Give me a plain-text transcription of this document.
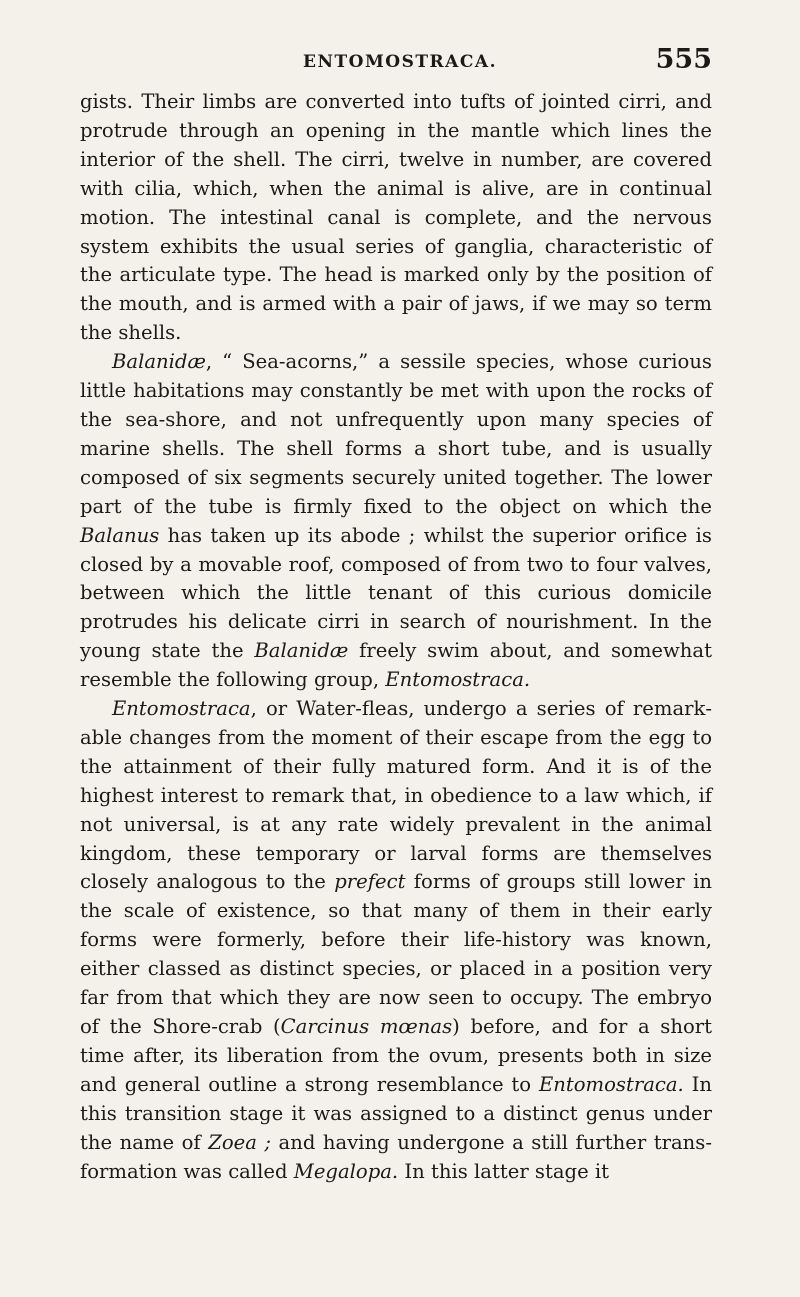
ENTOMOSTRACA.	555

gists. Their limbs are converted into tufts of jointed cirri, and protrude through an opening in the mantle which lines the interior of the shell. The cirri, twelve in number, are covered with cilia, which, when the animal is alive, are in continual motion. The intestinal canal is complete, and the nervous system exhibits the usual series of ganglia, characteristic of the articulate type. The head is marked only by the position of the mouth, and is armed with a pair of jaws, if we may so term the shells.

Balanidæ, “ Sea-acorns,” a sessile species, whose curious little habitations may constantly be met with upon the rocks of the sea-shore, and not unfrequently upon many species of marine shells. The shell forms a short tube, and is usually composed of six segments securely united together. The lower part of the tube is firmly fixed to the object on which the Balanus has taken up its abode ; whilst the superior orifice is closed by a movable roof, composed of from two to four valves, between which the little tenant of this curious domicile protrudes his delicate cirri in search of nourishment. In the young state the Balanidæ freely swim about, and somewhat resemble the following group, Entomostraca.

Entomostraca, or Water-fleas, undergo a series of remarkable changes from the moment of their escape from the egg to the attainment of their fully matured form. And it is of the highest interest to remark that, in obedience to a law which, if not universal, is at any rate widely prevalent in the animal kingdom, these temporary or larval forms are themselves closely analogous to the prefect forms of groups still lower in the scale of existence, so that many of them in their early forms were formerly, before their life-history was known, either classed as distinct species, or placed in a position very far from that which they are now seen to occupy. The embryo of the Shore-crab (Carcinus mœnas) before, and for a short time after, its liberation from the ovum, presents both in size and general outline a strong resemblance to Entomostraca. In this transition stage it was assigned to a distinct genus under the name of Zoea ; and having undergone a still further transformation was called Megalopa. In this latter stage it
